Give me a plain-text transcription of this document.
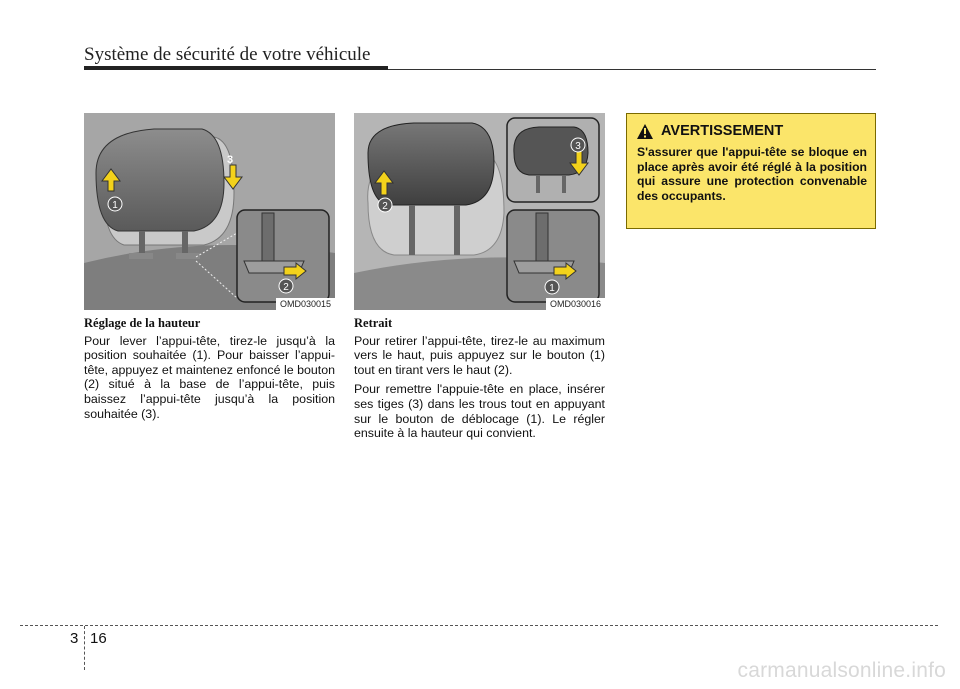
Système de sécurité de votre véhicule
1
2
3
OMD030015
2
1
3
OMD030016
Réglage de la hauteur

Pour lever l’appui-tête, tirez-le jusqu’à la position souhaitée (1). Pour baisser l’appui-tête, appuyez et maintenez enfoncé le bouton (2) situé à la base de l’appui-tête, puis baissez l’appui-tête jusqu’à la position souhaitée (3).

Retrait

Pour retirer l’appui-tête, tirez-le au maximum vers le haut, puis appuyez sur le bouton (1) tout en tirant vers le haut (2).

Pour remettre l'appuie-tête en place, insérer ses tiges (3) dans les trous tout en appuyant sur le bouton de déblocage (1). Le régler ensuite à la hauteur qui convient.

AVERTISSEMENT
S'assurer que l'appui-tête se bloque en place après avoir été réglé à la position qui assure une protection convenable des occupants.
3 16
carmanualsonline.info
